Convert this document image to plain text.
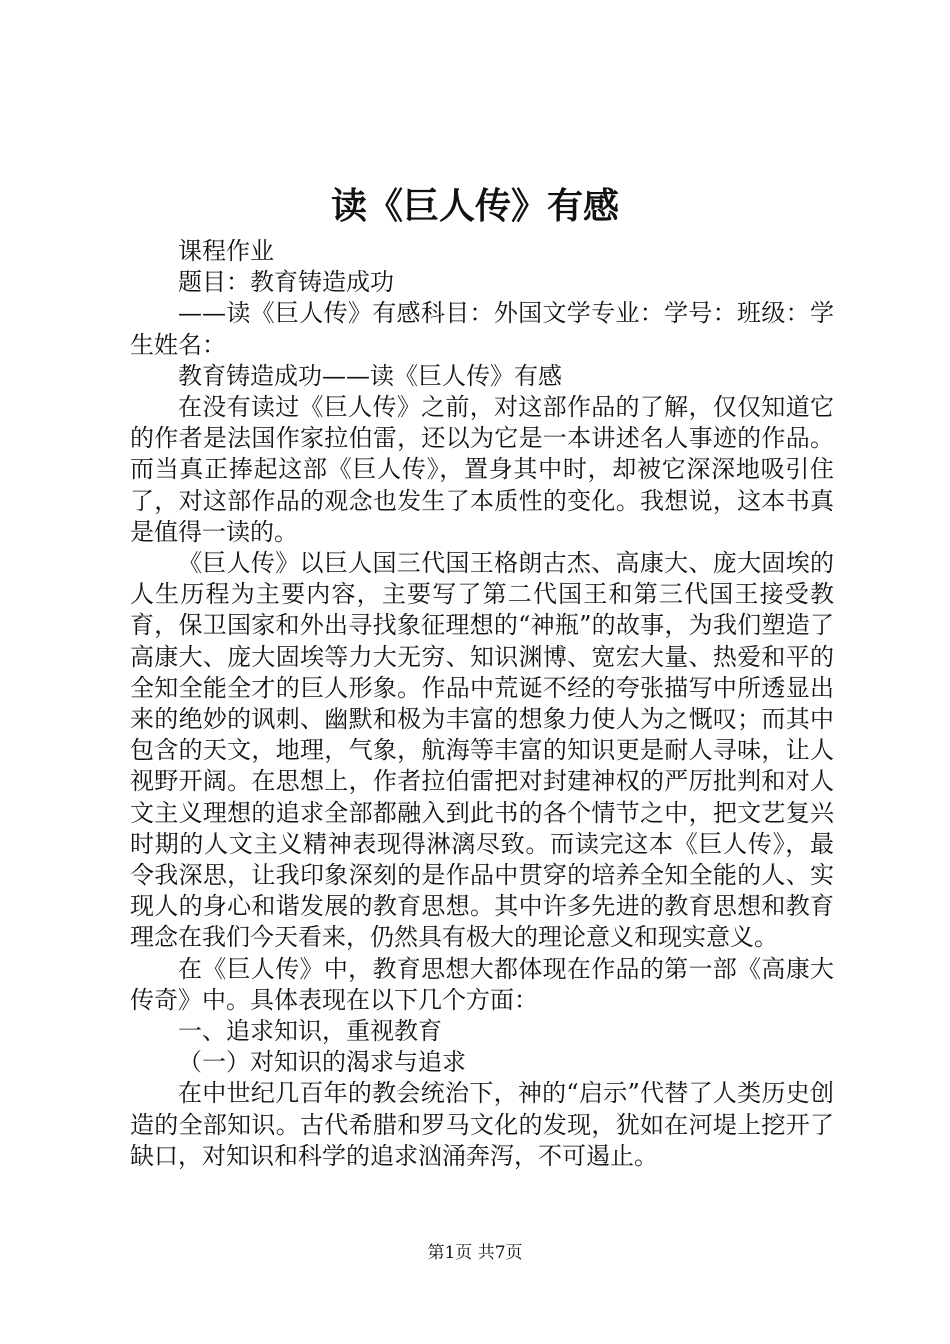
读《巨人传》有感

课程作业

题目：教育铸造成功

——读《巨人传》有感科目：外国文学专业：学号：班级：学生姓名：

教育铸造成功——读《巨人传》有感

在没有读过《巨人传》之前，对这部作品的了解，仅仅知道它的作者是法国作家拉伯雷，还以为它是一本讲述名人事迹的作品。而当真正捧起这部《巨人传》，置身其中时，却被它深深地吸引住了，对这部作品的观念也发生了本质性的变化。我想说，这本书真是值得一读的。

《巨人传》以巨人国三代国王格朗古杰、高康大、庞大固埃的人生历程为主要内容，主要写了第二代国王和第三代国王接受教育，保卫国家和外出寻找象征理想的“神瓶”的故事，为我们塑造了高康大、庞大固埃等力大无穷、知识渊博、宽宏大量、热爱和平的全知全能全才的巨人形象。作品中荒诞不经的夸张描写中所透显出来的绝妙的讽刺、幽默和极为丰富的想象力使人为之慨叹；而其中包含的天文，地理，气象，航海等丰富的知识更是耐人寻味，让人视野开阔。在思想上，作者拉伯雷把对封建神权的严厉批判和对人文主义理想的追求全部都融入到此书的各个情节之中，把文艺复兴时期的人文主义精神表现得淋漓尽致。而读完这本《巨人传》，最令我深思，让我印象深刻的是作品中贯穿的培养全知全能的人、实现人的身心和谐发展的教育思想。其中许多先进的教育思想和教育理念在我们今天看来，仍然具有极大的理论意义和现实意义。

在《巨人传》中，教育思想大都体现在作品的第一部《高康大传奇》中。具体表现在以下几个方面：

一、追求知识，重视教育

（一）对知识的渴求与追求

在中世纪几百年的教会统治下，神的“启示”代替了人类历史创造的全部知识。古代希腊和罗马文化的发现，犹如在河堤上挖开了缺口，对知识和科学的追求汹涌奔泻，不可遏止。

第1页 共7页
